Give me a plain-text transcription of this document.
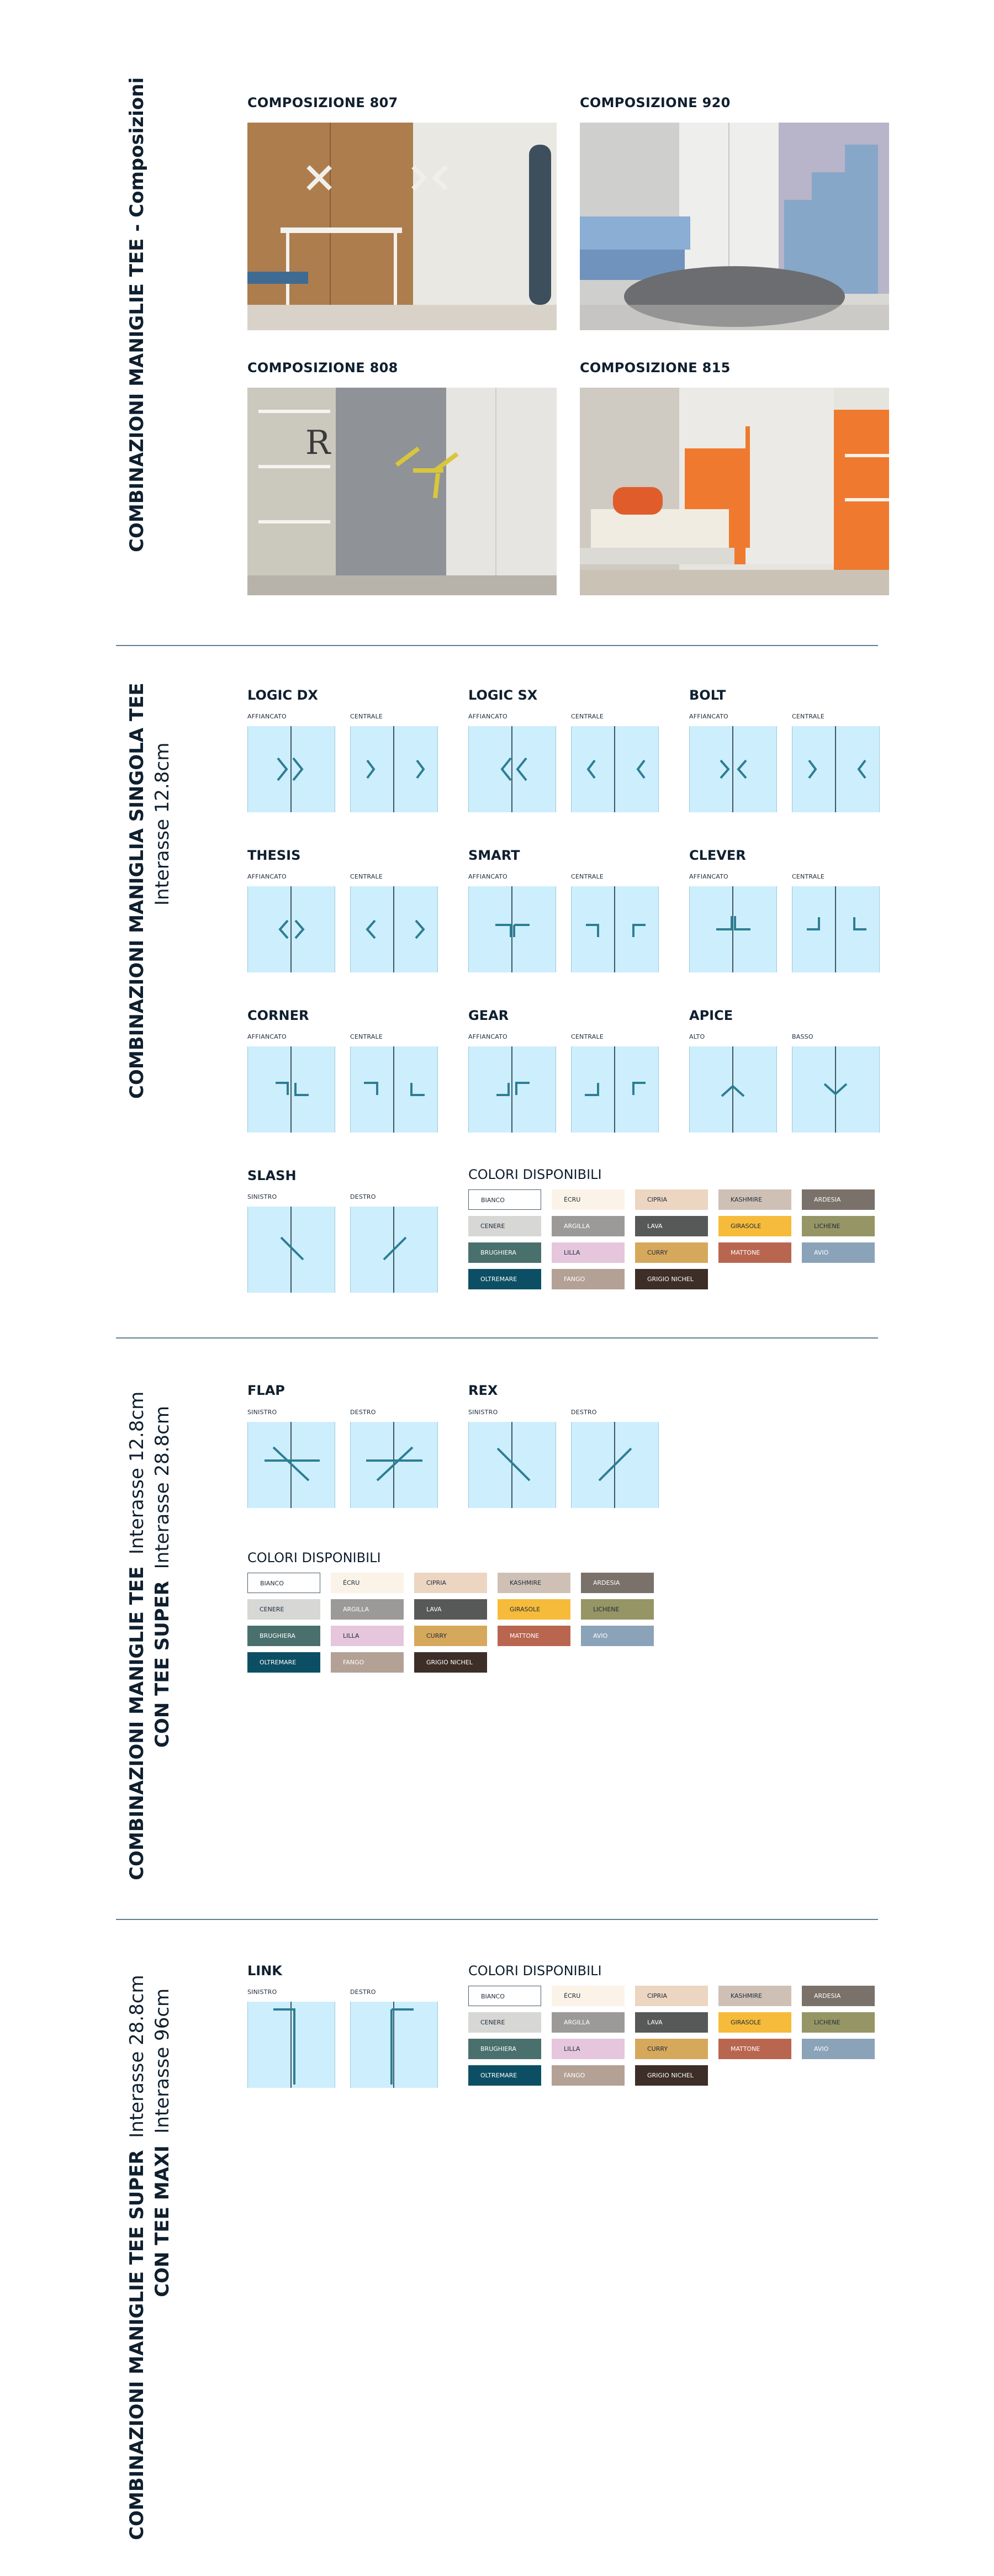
COMBINAZIONI MANIGLIE TEE - Composizioni	COMPOSIZIONE 807	COMPOSIZIONE 920
COMPOSIZIONE 808	COMPOSIZIONE 815
R
COMBINAZIONI MANIGLIA SINGOLA TEE Interasse 12.8cm
LOGIC DX
AFFIANCATO	CENTRALE
LOGIC SX
AFFIANCATO	CENTRALE
BOLT
AFFIANCATO	CENTRALE
THESIS
AFFIANCATO	CENTRALE
SMART
AFFIANCATO	CENTRALE
CLEVER
AFFIANCATO	CENTRALE
CORNER
AFFIANCATO	CENTRALE
GEAR
AFFIANCATO	CENTRALE
APICE
ALTO	BASSO
SLASH
SINISTRO	DESTRO
COLORI DISPONIBILI
BIANCO	ÉCRU	CIPRIA	KASHMIRE	ARDESIA
CENERE	ARGILLA	LAVA	GIRASOLE	LICHENE
BRUGHIERA	LILLA	CURRY	MATTONE	AVIO
OLTREMARE	FANGO	GRIGIO NICHEL
COMBINAZIONI MANIGLIE TEE  Interasse 12.8cm
CON TEE SUPER  Interasse 28.8cm
FLAP
SINISTRO	DESTRO
REX
SINISTRO	DESTRO
COLORI DISPONIBILI
BIANCO	ÉCRU	CIPRIA	KASHMIRE	ARDESIA
CENERE	ARGILLA	LAVA	GIRASOLE	LICHENE
BRUGHIERA	LILLA	CURRY	MATTONE	AVIO
OLTREMARE	FANGO	GRIGIO NICHEL
COMBINAZIONI MANIGLIE TEE SUPER  Interasse 28.8cm
CON TEE MAXI  Interasse 96cm
LINK
SINISTRO	DESTRO
COLORI DISPONIBILI
BIANCO	ÉCRU	CIPRIA	KASHMIRE	ARDESIA
CENERE	ARGILLA	LAVA	GIRASOLE	LICHENE
BRUGHIERA	LILLA	CURRY	MATTONE	AVIO
OLTREMARE	FANGO	GRIGIO NICHEL
